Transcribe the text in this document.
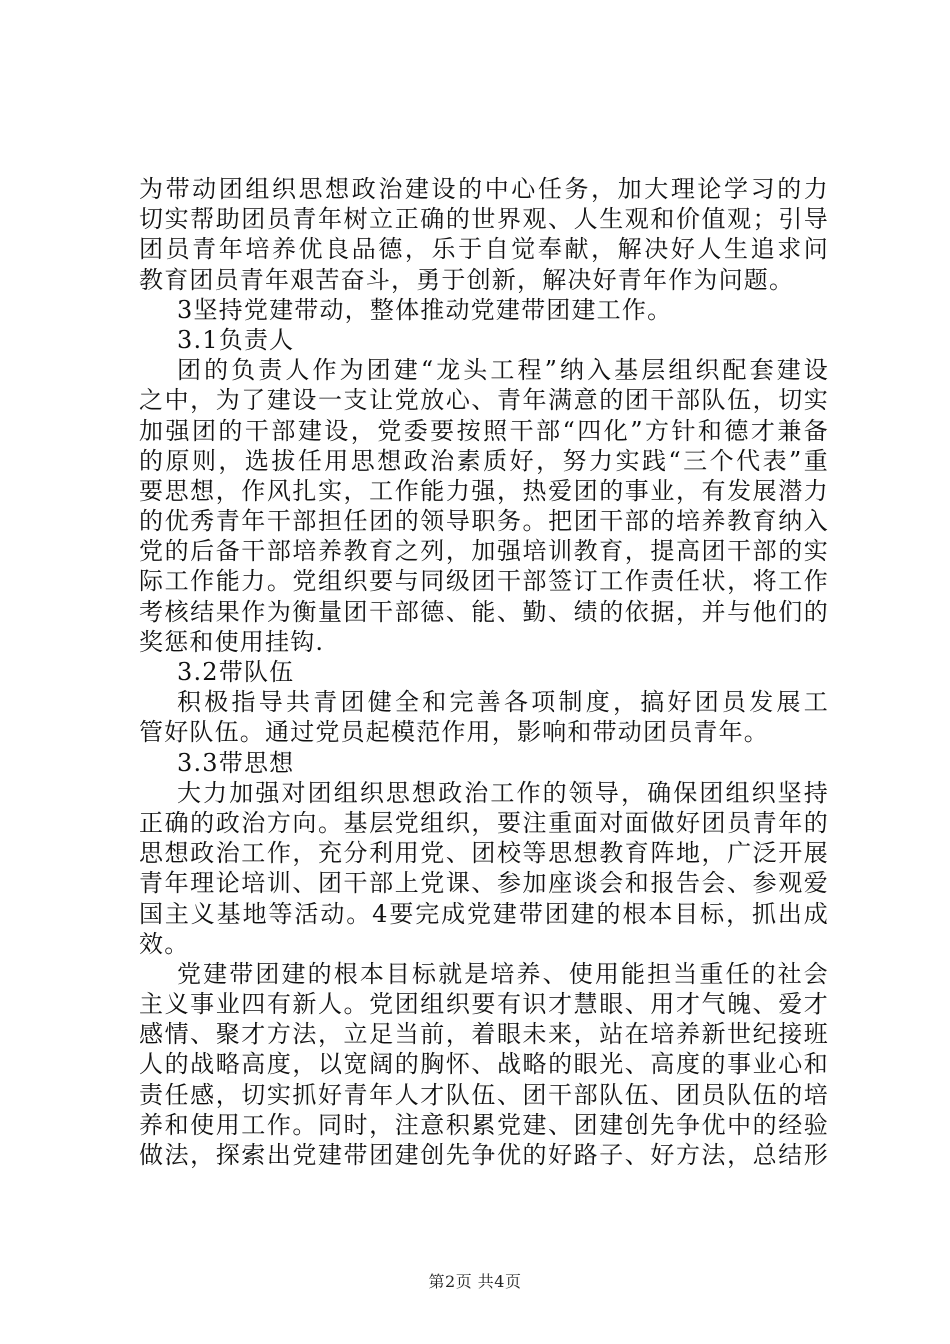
为带动团组织思想政治建设的中心任务，加大理论学习的力
切实帮助团员青年树立正确的世界观、人生观和价值观；引导
团员青年培养优良品德，乐于自觉奉献，解决好人生追求问
教育团员青年艰苦奋斗，勇于创新，解决好青年作为问题。
3坚持党建带动，整体推动党建带团建工作。
3.1负责人
团的负责人作为团建“龙头工程”纳入基层组织配套建设
之中，为了建设一支让党放心、青年满意的团干部队伍，切实
加强团的干部建设，党委要按照干部“四化”方针和德才兼备
的原则，选拔任用思想政治素质好，努力实践“三个代表”重
要思想，作风扎实，工作能力强，热爱团的事业，有发展潜力
的优秀青年干部担任团的领导职务。把团干部的培养教育纳入
党的后备干部培养教育之列，加强培训教育，提高团干部的实
际工作能力。党组织要与同级团干部签订工作责任状，将工作
考核结果作为衡量团干部德、能、勤、绩的依据，并与他们的
奖惩和使用挂钩.
3.2带队伍
积极指导共青团健全和完善各项制度，搞好团员发展工
管好队伍。通过党员起模范作用，影响和带动团员青年。
3.3带思想
大力加强对团组织思想政治工作的领导，确保团组织坚持
正确的政治方向。基层党组织，要注重面对面做好团员青年的
思想政治工作，充分利用党、团校等思想教育阵地，广泛开展
青年理论培训、团干部上党课、参加座谈会和报告会、参观爱
国主义基地等活动。4要完成党建带团建的根本目标，抓出成
效。
党建带团建的根本目标就是培养、使用能担当重任的社会
主义事业四有新人。党团组织要有识才慧眼、用才气魄、爱才
感情、聚才方法，立足当前，着眼未来，站在培养新世纪接班
人的战略高度，以宽阔的胸怀、战略的眼光、高度的事业心和
责任感，切实抓好青年人才队伍、团干部队伍、团员队伍的培
养和使用工作。同时，注意积累党建、团建创先争优中的经验
做法，探索出党建带团建创先争优的好路子、好方法，总结形
第2页 共4页
